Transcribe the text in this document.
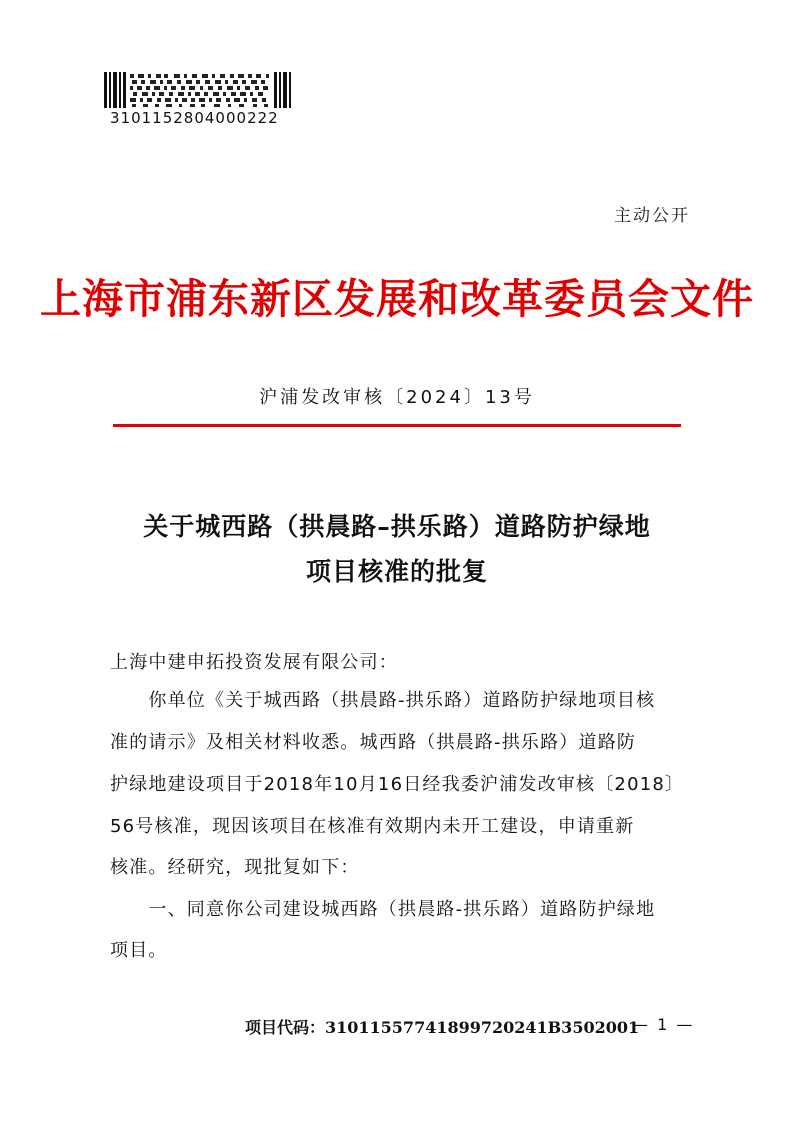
3101152804000222
主动公开
上海市浦东新区发展和改革委员会文件
沪浦发改审核〔2024〕13号
关于城西路（拱晨路–拱乐路）道路防护绿地
项目核准的批复
上海中建申拓投资发展有限公司：
　　你单位《关于城西路（拱晨路-拱乐路）道路防护绿地项目核
准的请示》及相关材料收悉。城西路（拱晨路-拱乐路）道路防
护绿地建设项目于2018年10月16日经我委沪浦发改审核〔2018〕
56号核准，现因该项目在核准有效期内未开工建设，申请重新
核准。经研究，现批复如下：
　　一、同意你公司建设城西路（拱晨路-拱乐路）道路防护绿地
项目。
项目代码：31011557741899720241B3502001
— 1 —
